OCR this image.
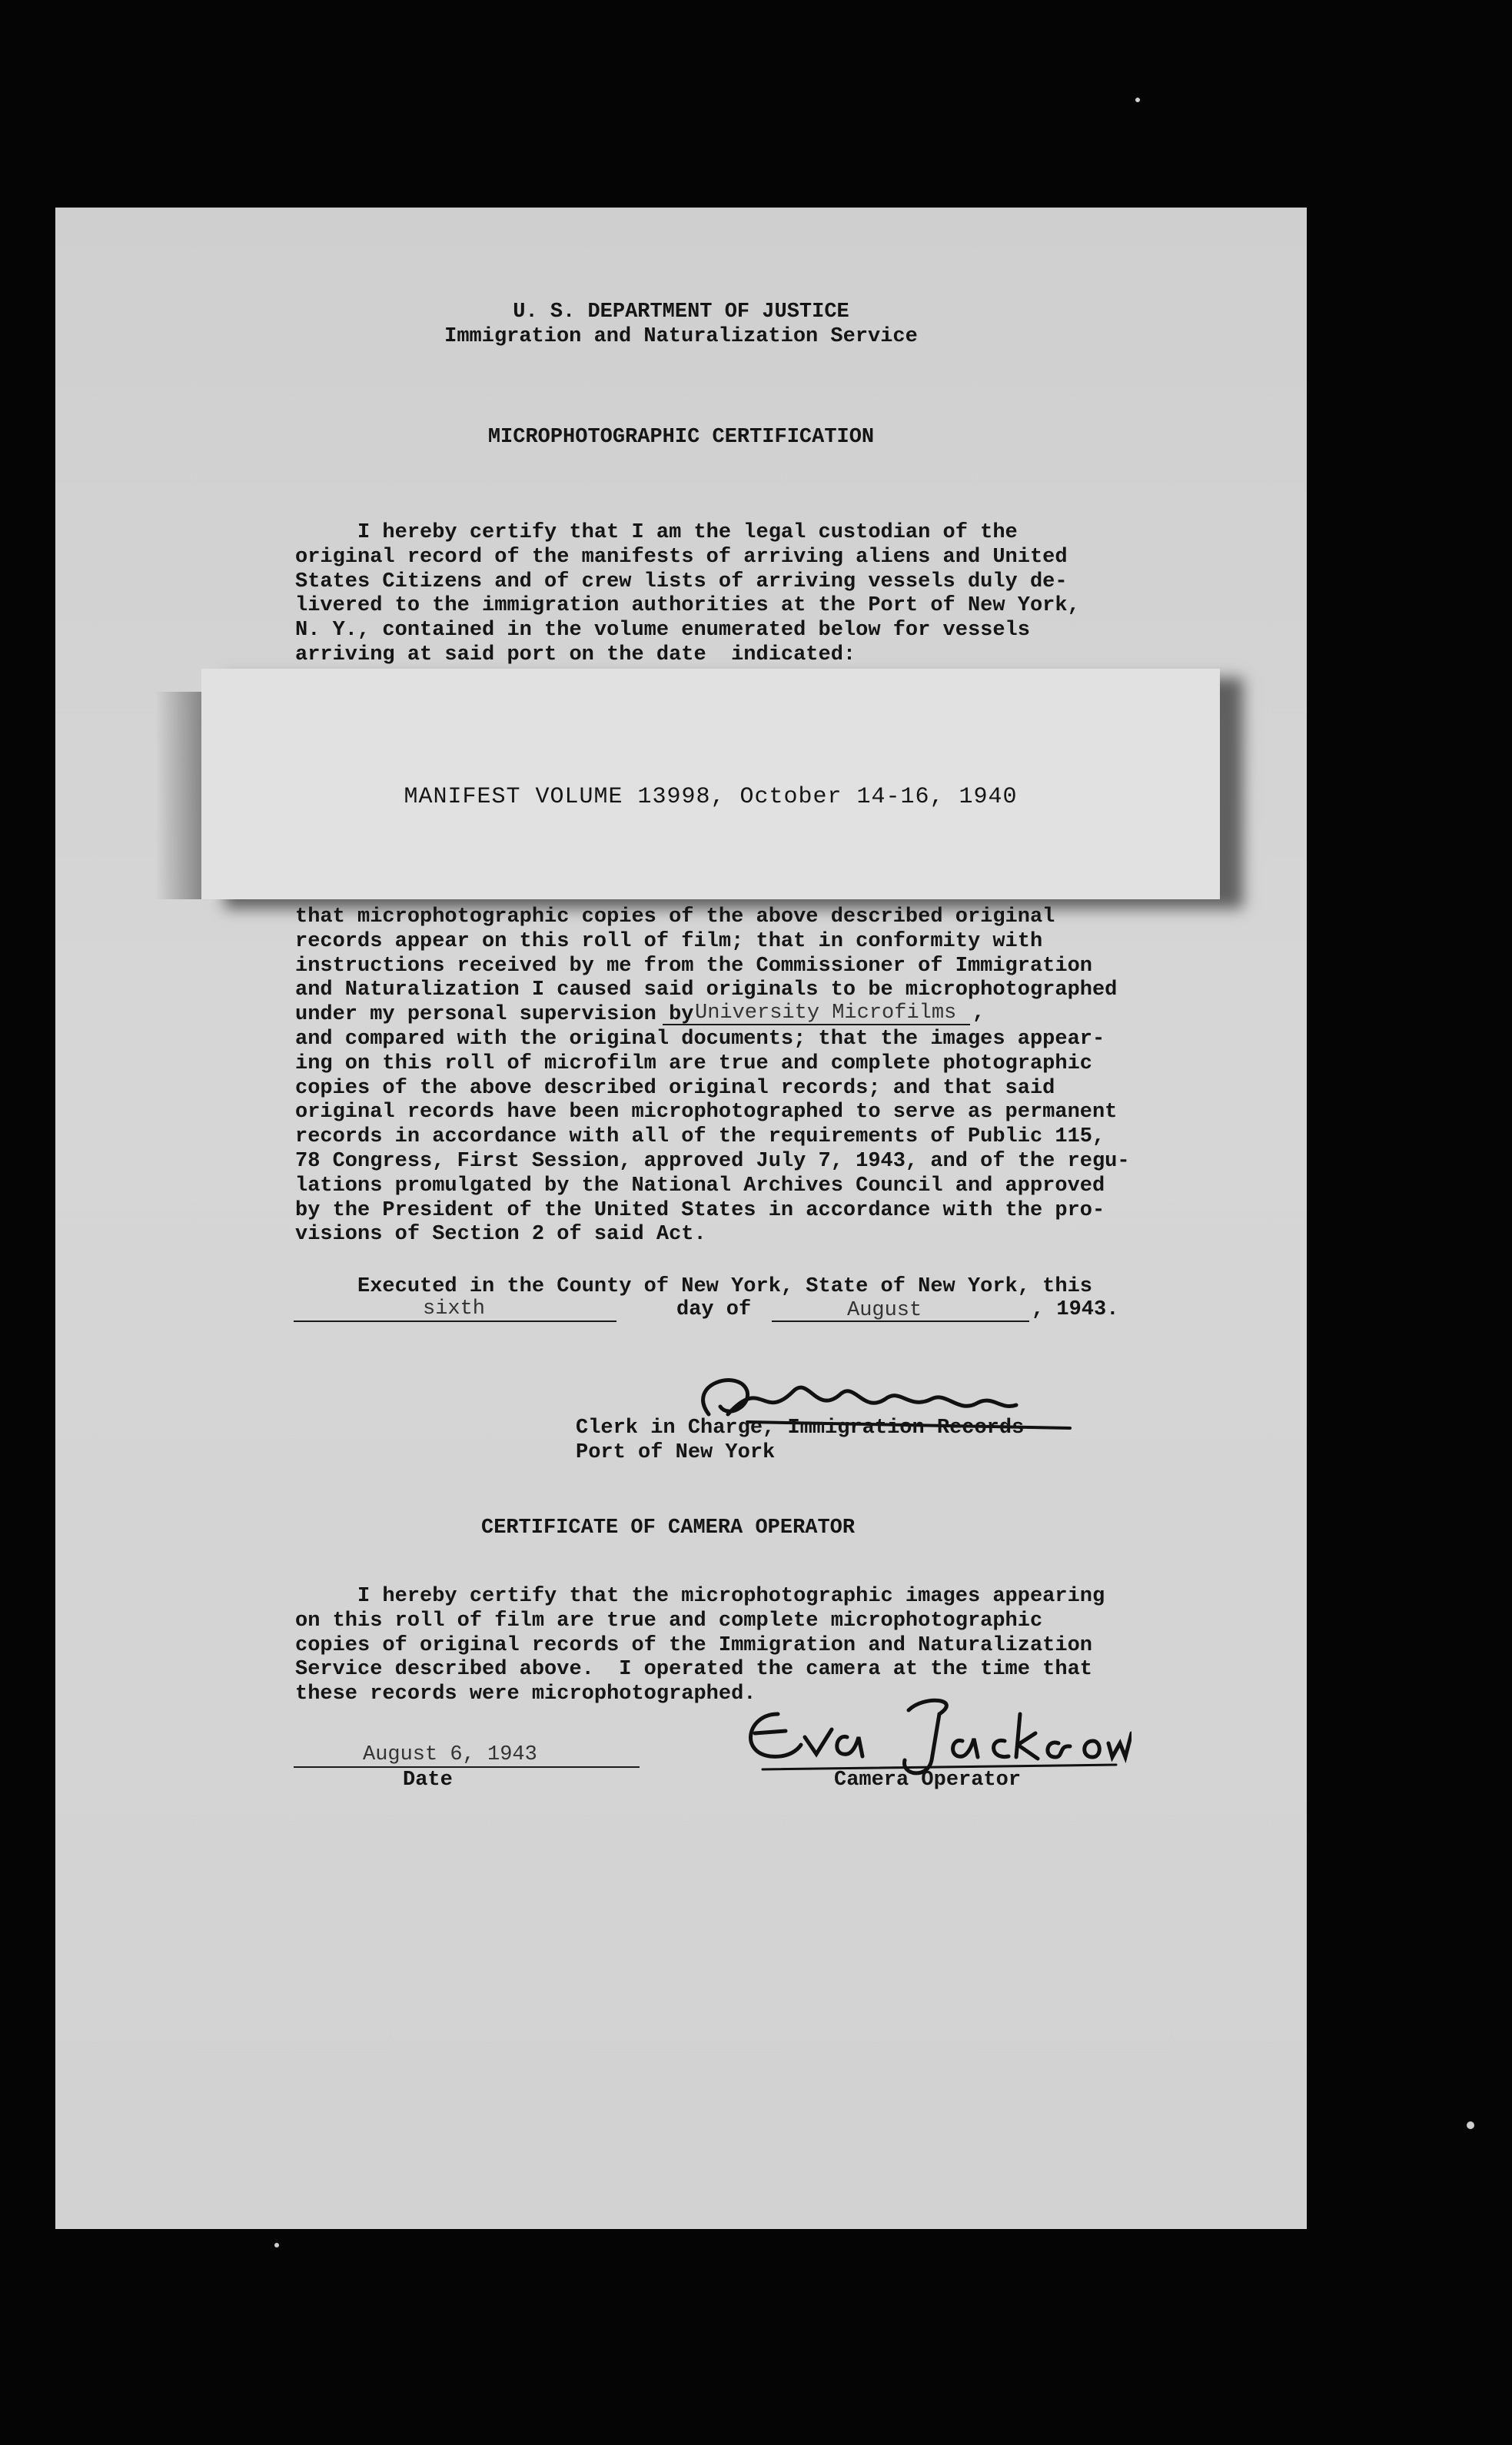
U. S. DEPARTMENT OF JUSTICE
Immigration and Naturalization Service
MICROPHOTOGRAPHIC CERTIFICATION
I hereby certify that I am the legal custodian of the
original record of the manifests of arriving aliens and United
States Citizens and of crew lists of arriving vessels duly de-
livered to the immigration authorities at the Port of New York,
N. Y., contained in the volume enumerated below for vessels
arriving at said port on the date  indicated:
MANIFEST VOLUME 13998, October 14-16, 1940
that microphotographic copies of the above described original
records appear on this roll of film; that in conformity with
instructions received by me from the Commissioner of Immigration
and Naturalization I caused said originals to be microphotographed
under my personal supervision by
and compared with the original documents; that the images appear-
ing on this roll of microfilm are true and complete photographic
copies of the above described original records; and that said
original records have been microphotographed to serve as permanent
records in accordance with all of the requirements of Public 115,
78 Congress, First Session, approved July 7, 1943, and of the regu-
lations promulgated by the National Archives Council and approved
by the President of the United States in accordance with the pro-
visions of Section 2 of said Act.
University Microfilms ,
Executed in the County of New York, State of New York, this
sixth	day of	August	, 1943.
Clerk in Charge, Immigration Records
Port of New York
CERTIFICATE OF CAMERA OPERATOR
I hereby certify that the microphotographic images appearing
on this roll of film are true and complete microphotographic
copies of original records of the Immigration and Naturalization
Service described above.  I operated the camera at the time that
these records were microphotographed.
August 6, 1943
Date	Camera Operator
